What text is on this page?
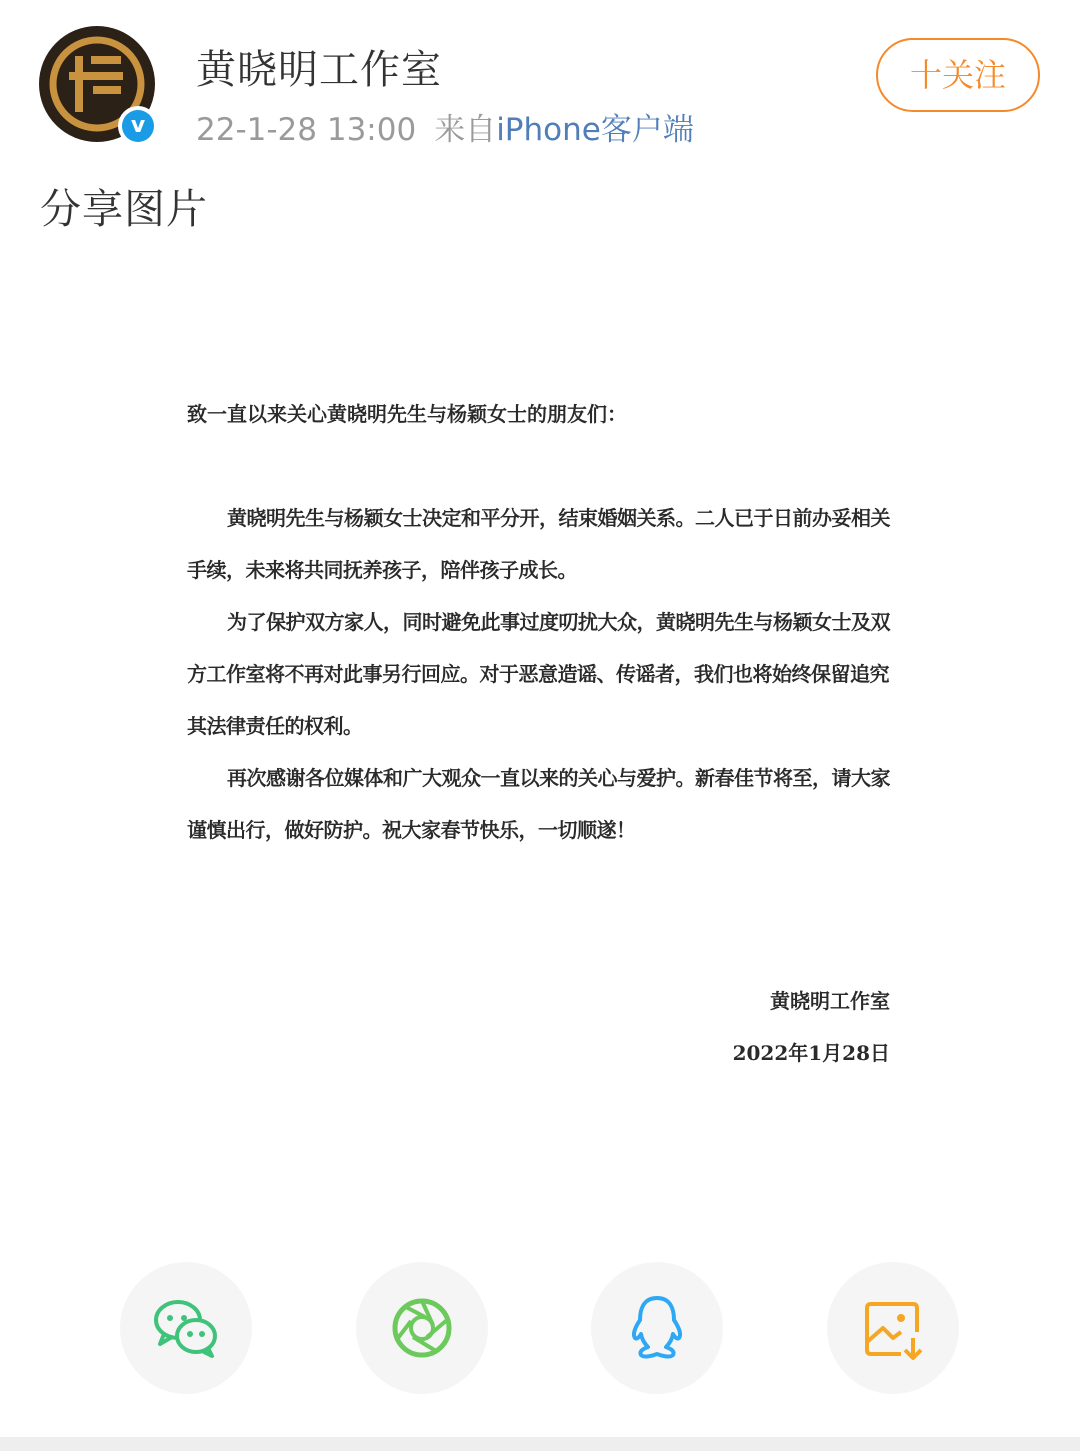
v
黄晓明工作室
22-1-28 13:00 来自iPhone客户端
十关注
分享图片

致一直以来关心黄晓明先生与杨颖女士的朋友们：

黄晓明先生与杨颖女士决定和平分开，结束婚姻关系。二人已于日前办妥相关手续，未来将共同抚养孩子，陪伴孩子成长。

为了保护双方家人，同时避免此事过度叨扰大众，黄晓明先生与杨颖女士及双方工作室将不再对此事另行回应。对于恶意造谣、传谣者，我们也将始终保留追究其法律责任的权利。

再次感谢各位媒体和广大观众一直以来的关心与爱护。新春佳节将至，请大家谨慎出行，做好防护。祝大家春节快乐，一切顺遂！

黄晓明工作室
2022年1月28日
